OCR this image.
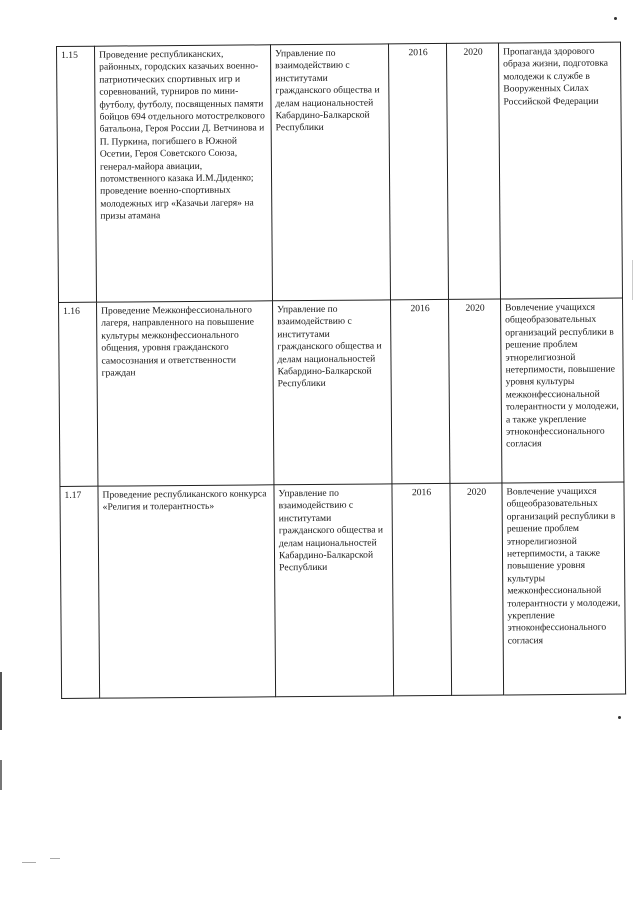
1.15	Проведение республиканских, районных, городских казачьих военно-патриотических спортивных игр и соревнований, турниров по мини-футболу, футболу, посвященных памяти бойцов 694 отдельного мотострелкового батальона, Героя России Д. Ветчинова и П. Пуркина, погибшего в Южной Осетии, Героя Советского Союза, генерал-майора авиации, потомственного казака И.М.Диденко; проведение военно-спортивных молодежных игр «Казачьи лагеря» на призы атамана	Управление по взаимодействию с институтами гражданского общества и делам национальностей Кабардино-Балкарской Республики	2016	2020	Пропаганда здорового образа жизни, подготовка молодежи к службе в Вооруженных Силах Российской Федерации
1.16	Проведение Межконфессионального лагеря, направленного на повышение культуры межконфессионального общения, уровня гражданского самосознания и ответственности граждан	Управление по взаимодействию с институтами гражданского общества и делам национальностей Кабардино-Балкарской Республики	2016	2020	Вовлечение учащихся общеобразовательных организаций республики в решение проблем этнорелигиозной нетерпимости, повышение уровня культуры межконфессиональной толерантности у молодежи, а также укрепление этноконфессионального согласия
1.17	Проведение республиканского конкурса «Религия и толерантность»	Управление по взаимодействию с институтами гражданского общества и делам национальностей Кабардино-Балкарской Республики	2016	2020	Вовлечение учащихся общеобразовательных организаций республики в решение проблем этнорелигиозной нетерпимости, а также повышение уровня культуры межконфессиональной толерантности у молодежи, укрепление этноконфессионального согласия
